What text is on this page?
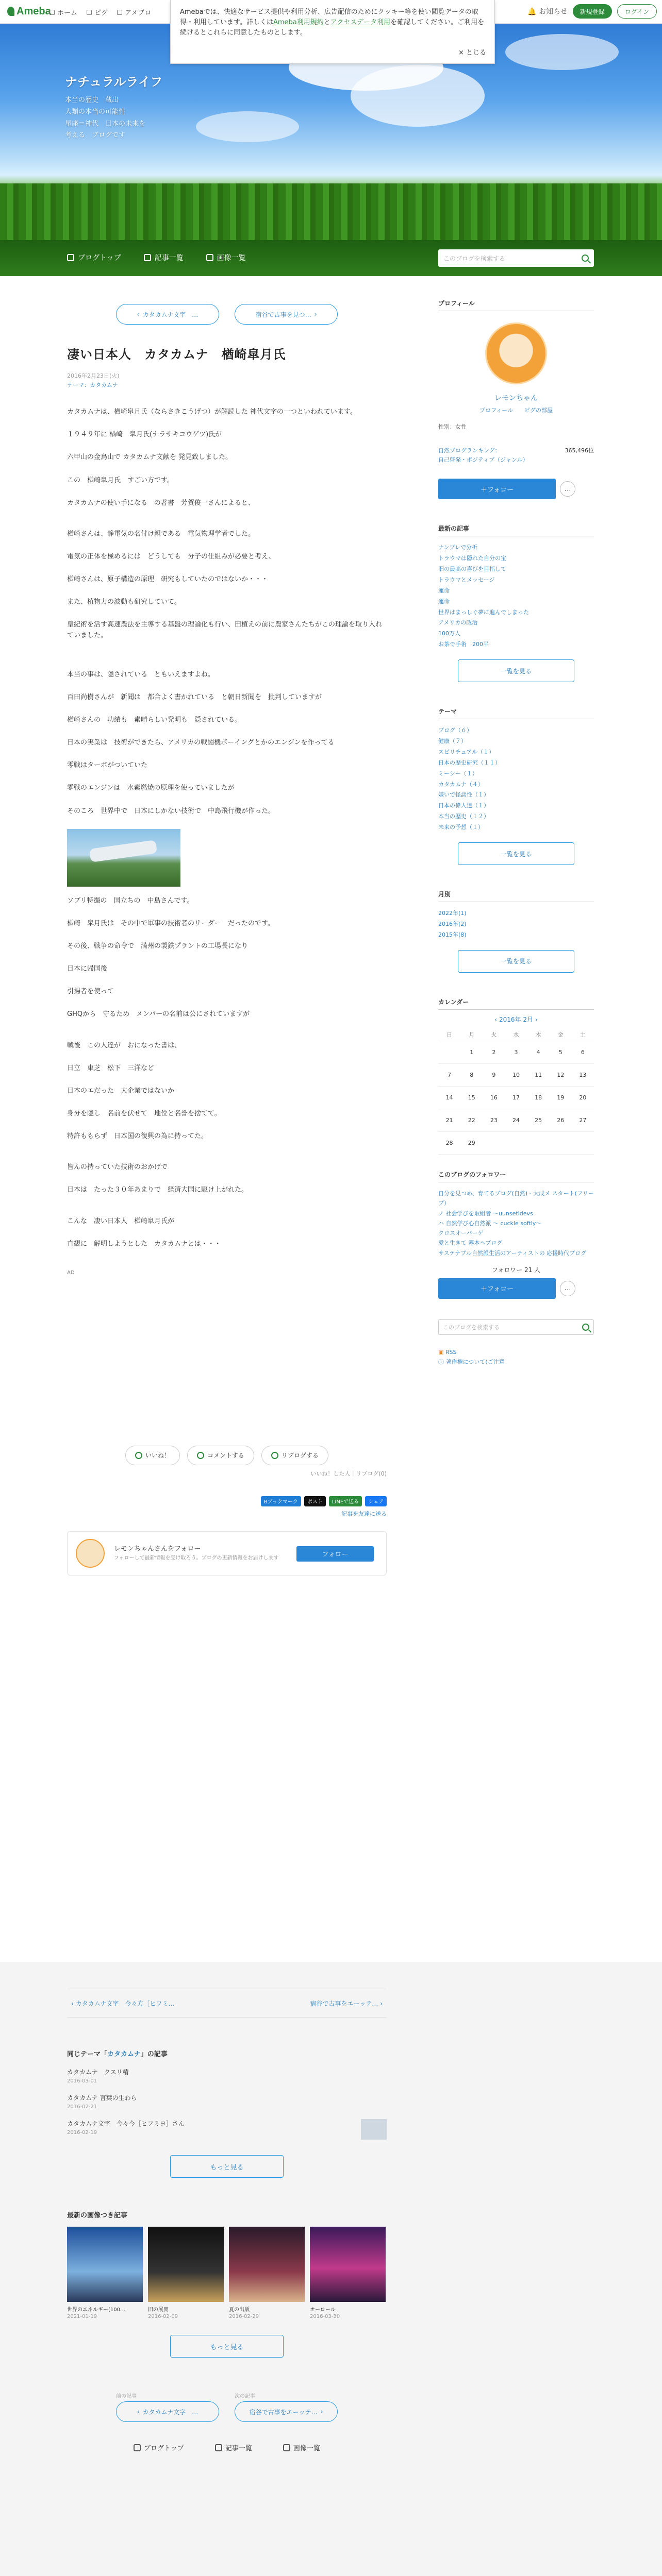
Ameba ホーム	ピグ	アメブロ	🔔 お知らせ	新規登録	ログイン
Amebaでは、快適なサービス提供や利用分析、広告配信のためにクッキー等を使い閲覧データの取得・利用しています。詳しくはAmeba利用規約とアクセスデータ利用を確認してください。ご利用を続けるとこれらに同意したものとします。
× とじる
ナチュラルライフ
本当の歴史　蔵出
人類の本当の可能性
星座＝神代　日本の未来を
考える　ブログです
ブログトップ	記事一覧	画像一覧	このブログを検索する
‹ カタカムナ文字　…	宿谷で古事を見つ… ›
凄い日本人　カタカムナ　楢崎皐月氏
2016年2月23日(火)
テーマ：カタカムナ

カタカムナは、楢崎皐月氏（ならさきこうげつ）が解読した 神代文字の一つといわれています。

１９４９年に 楢崎　皐月氏(ナラサキコウゲツ)氏が

六甲山の金鳥山で カタカムナ文献を 発見致しました。

この　楢崎皐月氏　すごい方です。

カタカムナの使い手になる　の著書　芳賀俊一さんによると、

楢崎さんは、静電気の名付け親である　電気物理学者でした。

電気の正体を極めるには　どうしても　分子の仕組みが必要と考え、

楢崎さんは、原子構造の原理　研究もしていたのではないか・・・

また、植物力の波動も研究していて。

皇紀術を活す高速農法を主導する基盤の理論化も行い、田植えの前に農家さんたちがこの理論を取り入れていました。

本当の事は、隠されている　ともいえますよね。

百田尚樹さんが　新聞は　都合よく書かれている　と朝日新聞を　批判していますが

楢崎さんの　功績も　素晴らしい発明も　隠されている。

日本の実業は　技術ができたら、アメリカの戦闘機ボーイングとかのエンジンを作ってる

零戦はターボがついていた

零戦のエンジンは　水素燃焼の原理を使っていましたが

そのころ　世界中で　日本にしかない技術で　中島飛行機が作った。

ソブリ特撮の　国立ちの　中島さんです。

楢崎　皐月氏は　その中で軍事の技術者のリーダー　だったのです。

その後、戦争の命令で　満州の製鉄プラントの工場長になり

日本に帰国後

引揚者を使って

GHQから　守るため　メンバーの名前は公にされていますが

戦後　この人達が　おになった書は、

日立　東芝　松下　三洋など

日本のエだった　大企業ではないか

身分を隠し　名前を伏せて　地位と名誉を捨てて。

特許ももらず　日本国の復興の為に持ってた。

皆んの持っていた技術のおかげで

日本は　たった３０年あまりで　経済大国に駆け上がれた。

こんな　凄い日本人　楢崎皐月氏が

直観に　解明しようとした　カタカムナとは・・・

AD
いいね！	コメントする	リブログする
いいね！した人｜リブログ(0)
Bブックマーク	ポスト	LINEで送る	シェア
記事を友達に送る
レモンちゃんさんをフォロー
フォローして最新情報を受け取ろう。ブログの更新情報をお届けします	フォロー
プロフィール
レモンちゃん
プロフィール　　ピグの部屋
性別：女性
自然ブログランキング：	365,496位
自己啓発・ポジティブ（ジャンル）
＋フォロー	…
最新の記事
ナンプレで分析
トラウマは隠れた自分の宝
旧の最高の喜びを目指して
トラウマとメッセージ
運命
運命
世界はまっしぐ夢に進んでしまった
アメリカの政治
100万人
お茶で手術　200平
一覧を見る
テーマ
ブログ（６）
健康（７）
スピリチュアル（１）
日本の歴史研究（１１）
ミーシー（１）
カタカムナ（４）
嫌いで怪談性（１）
日本の偉人達（１）
本当の歴史（１２）
未来の予想（１）
一覧を見る
月別
2022年(1)
2016年(2)
2015年(8)
一覧を見る
カレンダー
‹ 2016年 2月 ›
日	月	火	水	木	金	土
	1	2	3	4	5	6
7	8	9	10	11	12	13
14	15	16	17	18	19	20
21	22	23	24	25	26	27
28	29					
このブログのフォロワー
自分を見つめ、育てるブログ(自然) - 大成メ スタート(フリーブ）
ノ 社会学びを取組者 ～uunsetidevs
ハ 自然学び心自然派 ～ cuckle softly～
クロスオーバーゲ
愛と生きて 霧本ヘブログ
サステナブル自然派生活のアーティストの 応援時代ブログ
フォロワー 21 人
＋フォロー	…
このブログを検索する
▣ RSS
ⓘ 著作権について(ご注意
‹ カタカムナ文字　今々方［ヒフミ…	宿谷で古事をエーッテ… ›
同じテーマ「カタカムナ」の記事
カタカムナ　クスリ精
2016-03-01
カタカムナ 言葉の生わら
2016-02-21
カタカムナ文字　今々今［ヒフミヨ］さん
2016-02-19
もっと見る
最新の画像つき記事
世界のエネルギー(100…
2021-01-19
旧の展開
2016-02-09
夏の出版
2016-02-29
オーロール
2016-03-30
もっと見る
前の記事
‹ カタカムナ文字　…
次の記事
宿谷で古事をエーッテ… ›
ブログトップ	記事一覧	画像一覧
